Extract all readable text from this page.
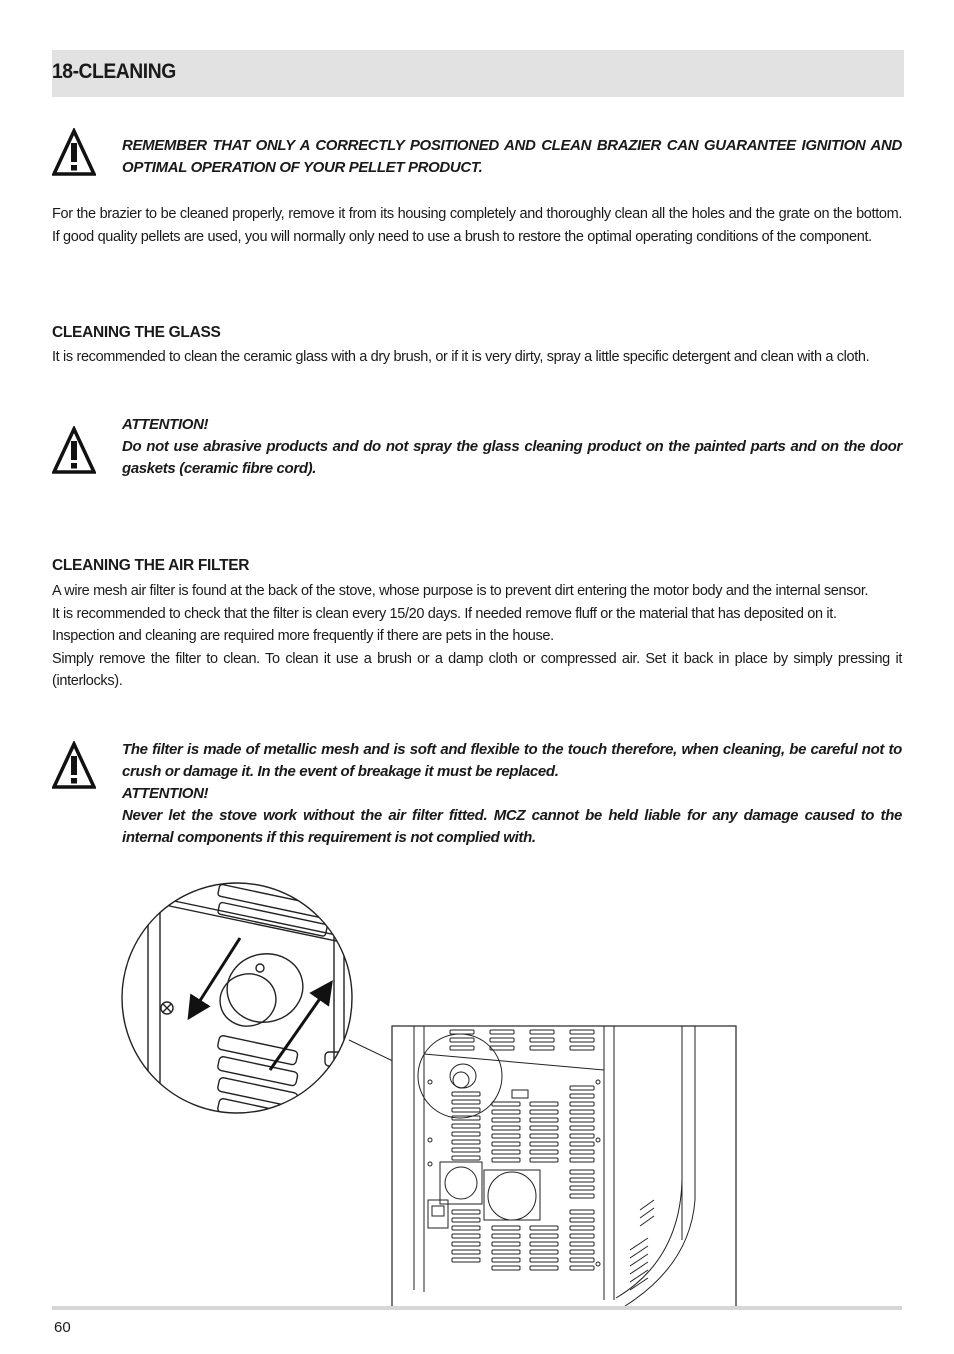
18-CLEANING
REMEMBER THAT ONLY A CORRECTLY POSITIONED AND CLEAN BRAZIER CAN GUARANTEE IGNITION AND OPTIMAL OPERATION OF YOUR PELLET PRODUCT.
For the brazier to be cleaned properly, remove it from its housing completely and thoroughly clean all the holes and the grate on the bottom. If good quality pellets are used, you will normally only need to use a brush to restore the optimal operating conditions of the component.
CLEANING THE GLASS
It is recommended to clean the ceramic glass with a dry brush, or if it is very dirty, spray a little specific detergent and clean with a cloth.
ATTENTION!
Do not use abrasive products and do not spray the glass cleaning product on the painted parts and on the door gaskets (ceramic fibre cord).
CLEANING THE AIR FILTER
A wire mesh air filter is found at the back of the stove, whose purpose is to prevent dirt entering the motor body and the internal sensor.
It is recommended to check that the filter is clean every 15/20 days. If needed remove fluff or the material that has deposited on it.
Inspection and cleaning are required more frequently if there are pets in the house.
Simply remove the filter to clean. To clean it use a brush or a damp cloth or compressed air. Set it back in place by simply pressing it (interlocks).
The filter is made of metallic mesh and is soft and flexible to the touch therefore, when cleaning, be careful not to crush or damage it. In the event of breakage it must be replaced.
ATTENTION!
Never let the stove work without the air filter fitted. MCZ cannot be held liable for any damage caused to the internal components if this requirement is not complied with.
60
